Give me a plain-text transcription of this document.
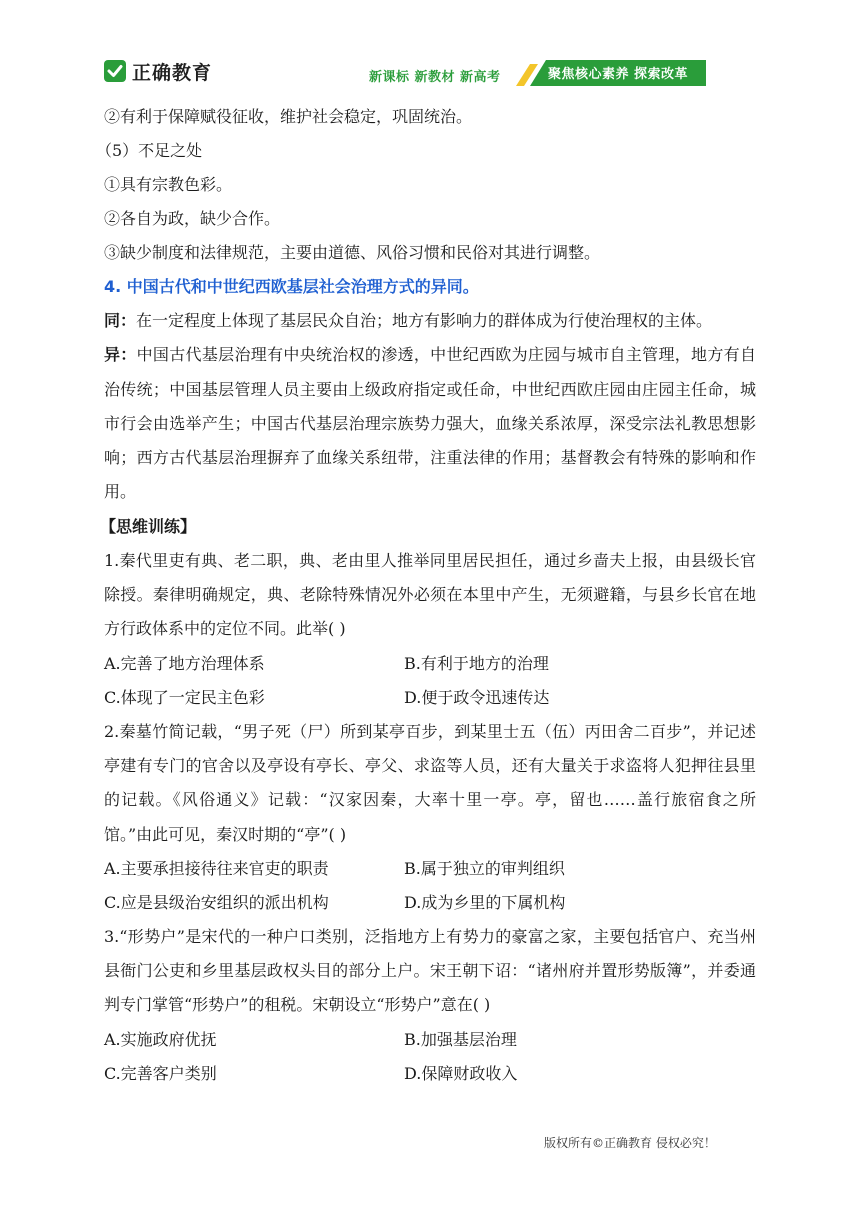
正确教育	新课标 新教材 新高考	聚焦核心素养 探索改革
②有利于保障赋役征收，维护社会稳定，巩固统治。
（5）不足之处
①具有宗教色彩。
②各自为政，缺少合作。
③缺少制度和法律规范，主要由道德、风俗习惯和民俗对其进行调整。
4. 中国古代和中世纪西欧基层社会治理方式的异同。
同：在一定程度上体现了基层民众自治；地方有影响力的群体成为行使治理权的主体。
异：中国古代基层治理有中央统治权的渗透，中世纪西欧为庄园与城市自主管理，地方有自治传统；中国基层管理人员主要由上级政府指定或任命，中世纪西欧庄园由庄园主任命，城市行会由选举产生；中国古代基层治理宗族势力强大，血缘关系浓厚，深受宗法礼教思想影响；西方古代基层治理摒弃了血缘关系纽带，注重法律的作用；基督教会有特殊的影响和作用。
【思维训练】
1.秦代里吏有典、老二职，典、老由里人推举同里居民担任，通过乡啬夫上报，由县级长官除授。秦律明确规定，典、老除特殊情况外必须在本里中产生，无须避籍，与县乡长官在地方行政体系中的定位不同。此举( )
A.完善了地方治理体系	B.有利于地方的治理
C.体现了一定民主色彩	D.便于政令迅速传达
2.秦墓竹简记载，“男子死（尸）所到某亭百步，到某里士五（伍）丙田舍二百步”，并记述亭建有专门的官舍以及亭设有亭长、亭父、求盗等人员，还有大量关于求盗将人犯押往县里的记载。《风俗通义》记载：“汉家因秦，大率十里一亭。亭，留也……盖行旅宿食之所馆。”由此可见，秦汉时期的“亭”( )
A.主要承担接待往来官吏的职责	B.属于独立的审判组织
C.应是县级治安组织的派出机构	D.成为乡里的下属机构
3.“形势户”是宋代的一种户口类别，泛指地方上有势力的豪富之家，主要包括官户、充当州县衙门公吏和乡里基层政权头目的部分上户。宋王朝下诏：“诸州府并置形势版簿”，并委通判专门掌管“形势户”的租税。宋朝设立“形势户”意在( )
A.实施政府优抚	B.加强基层治理
C.完善客户类别	D.保障财政收入
版权所有©正确教育 侵权必究！
